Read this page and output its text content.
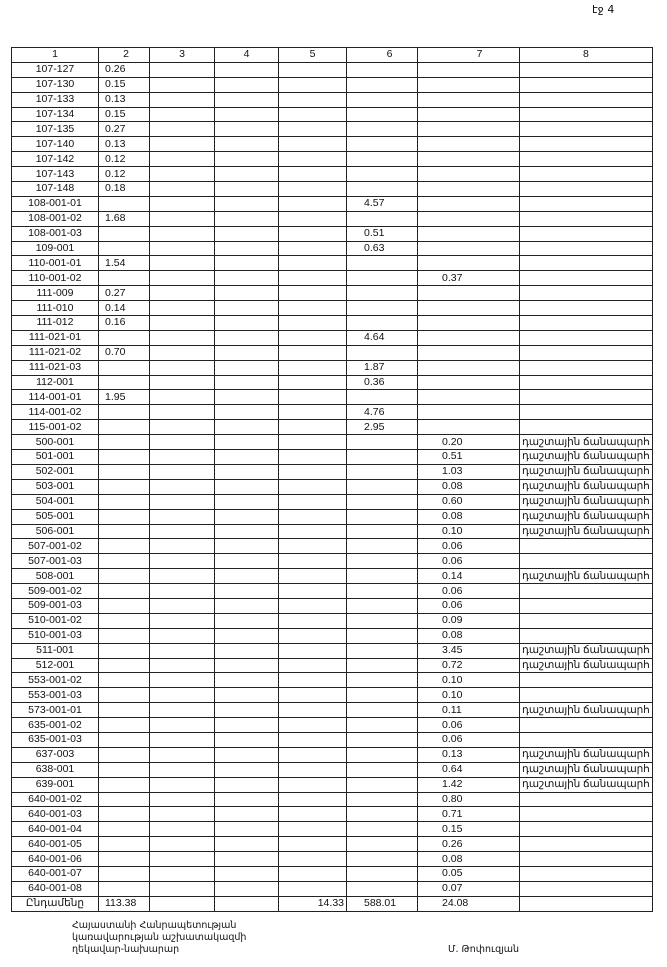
էջ 4
1	2	3	4	5	6	7	8
107-127	0.26						
107-130	0.15						
107-133	0.13						
107-134	0.15						
107-135	0.27						
107-140	0.13						
107-142	0.12						
107-143	0.12						
107-148	0.18						
108-001-01					4.57		
108-001-02	1.68						
108-001-03					0.51		
109-001					0.63		
110-001-01	1.54						
110-001-02						0.37	
111-009	0.27						
111-010	0.14						
111-012	0.16						
111-021-01					4.64		
111-021-02	0.70						
111-021-03					1.87		
112-001					0.36		
114-001-01	1.95						
114-001-02					4.76		
115-001-02					2.95		
500-001						0.20	դաշտային ճանապարհ
501-001						0.51	դաշտային ճանապարհ
502-001						1.03	դաշտային ճանապարհ
503-001						0.08	դաշտային ճանապարհ
504-001						0.60	դաշտային ճանապարհ
505-001						0.08	դաշտային ճանապարհ
506-001						0.10	դաշտային ճանապարհ
507-001-02						0.06	
507-001-03						0.06	
508-001						0.14	դաշտային ճանապարհ
509-001-02						0.06	
509-001-03						0.06	
510-001-02						0.09	
510-001-03						0.08	
511-001						3.45	դաշտային ճանապարհ
512-001						0.72	դաշտային ճանապարհ
553-001-02						0.10	
553-001-03						0.10	
573-001-01						0.11	դաշտային ճանապարհ
635-001-02						0.06	
635-001-03						0.06	
637-003						0.13	դաշտային ճանապարհ
638-001						0.64	դաշտային ճանապարհ
639-001						1.42	դաշտային ճանապարհ
640-001-02						0.80	
640-001-03						0.71	
640-001-04						0.15	
640-001-05						0.26	
640-001-06						0.08	
640-001-07						0.05	
640-001-08						0.07	
Ընդամենը	113.38			14.33	588.01	24.08	
Հայաստանի Հանրապետության
կառավարության աշխատակազմի
ղեկավար-նախարար	Մ. Թոփուզյան
